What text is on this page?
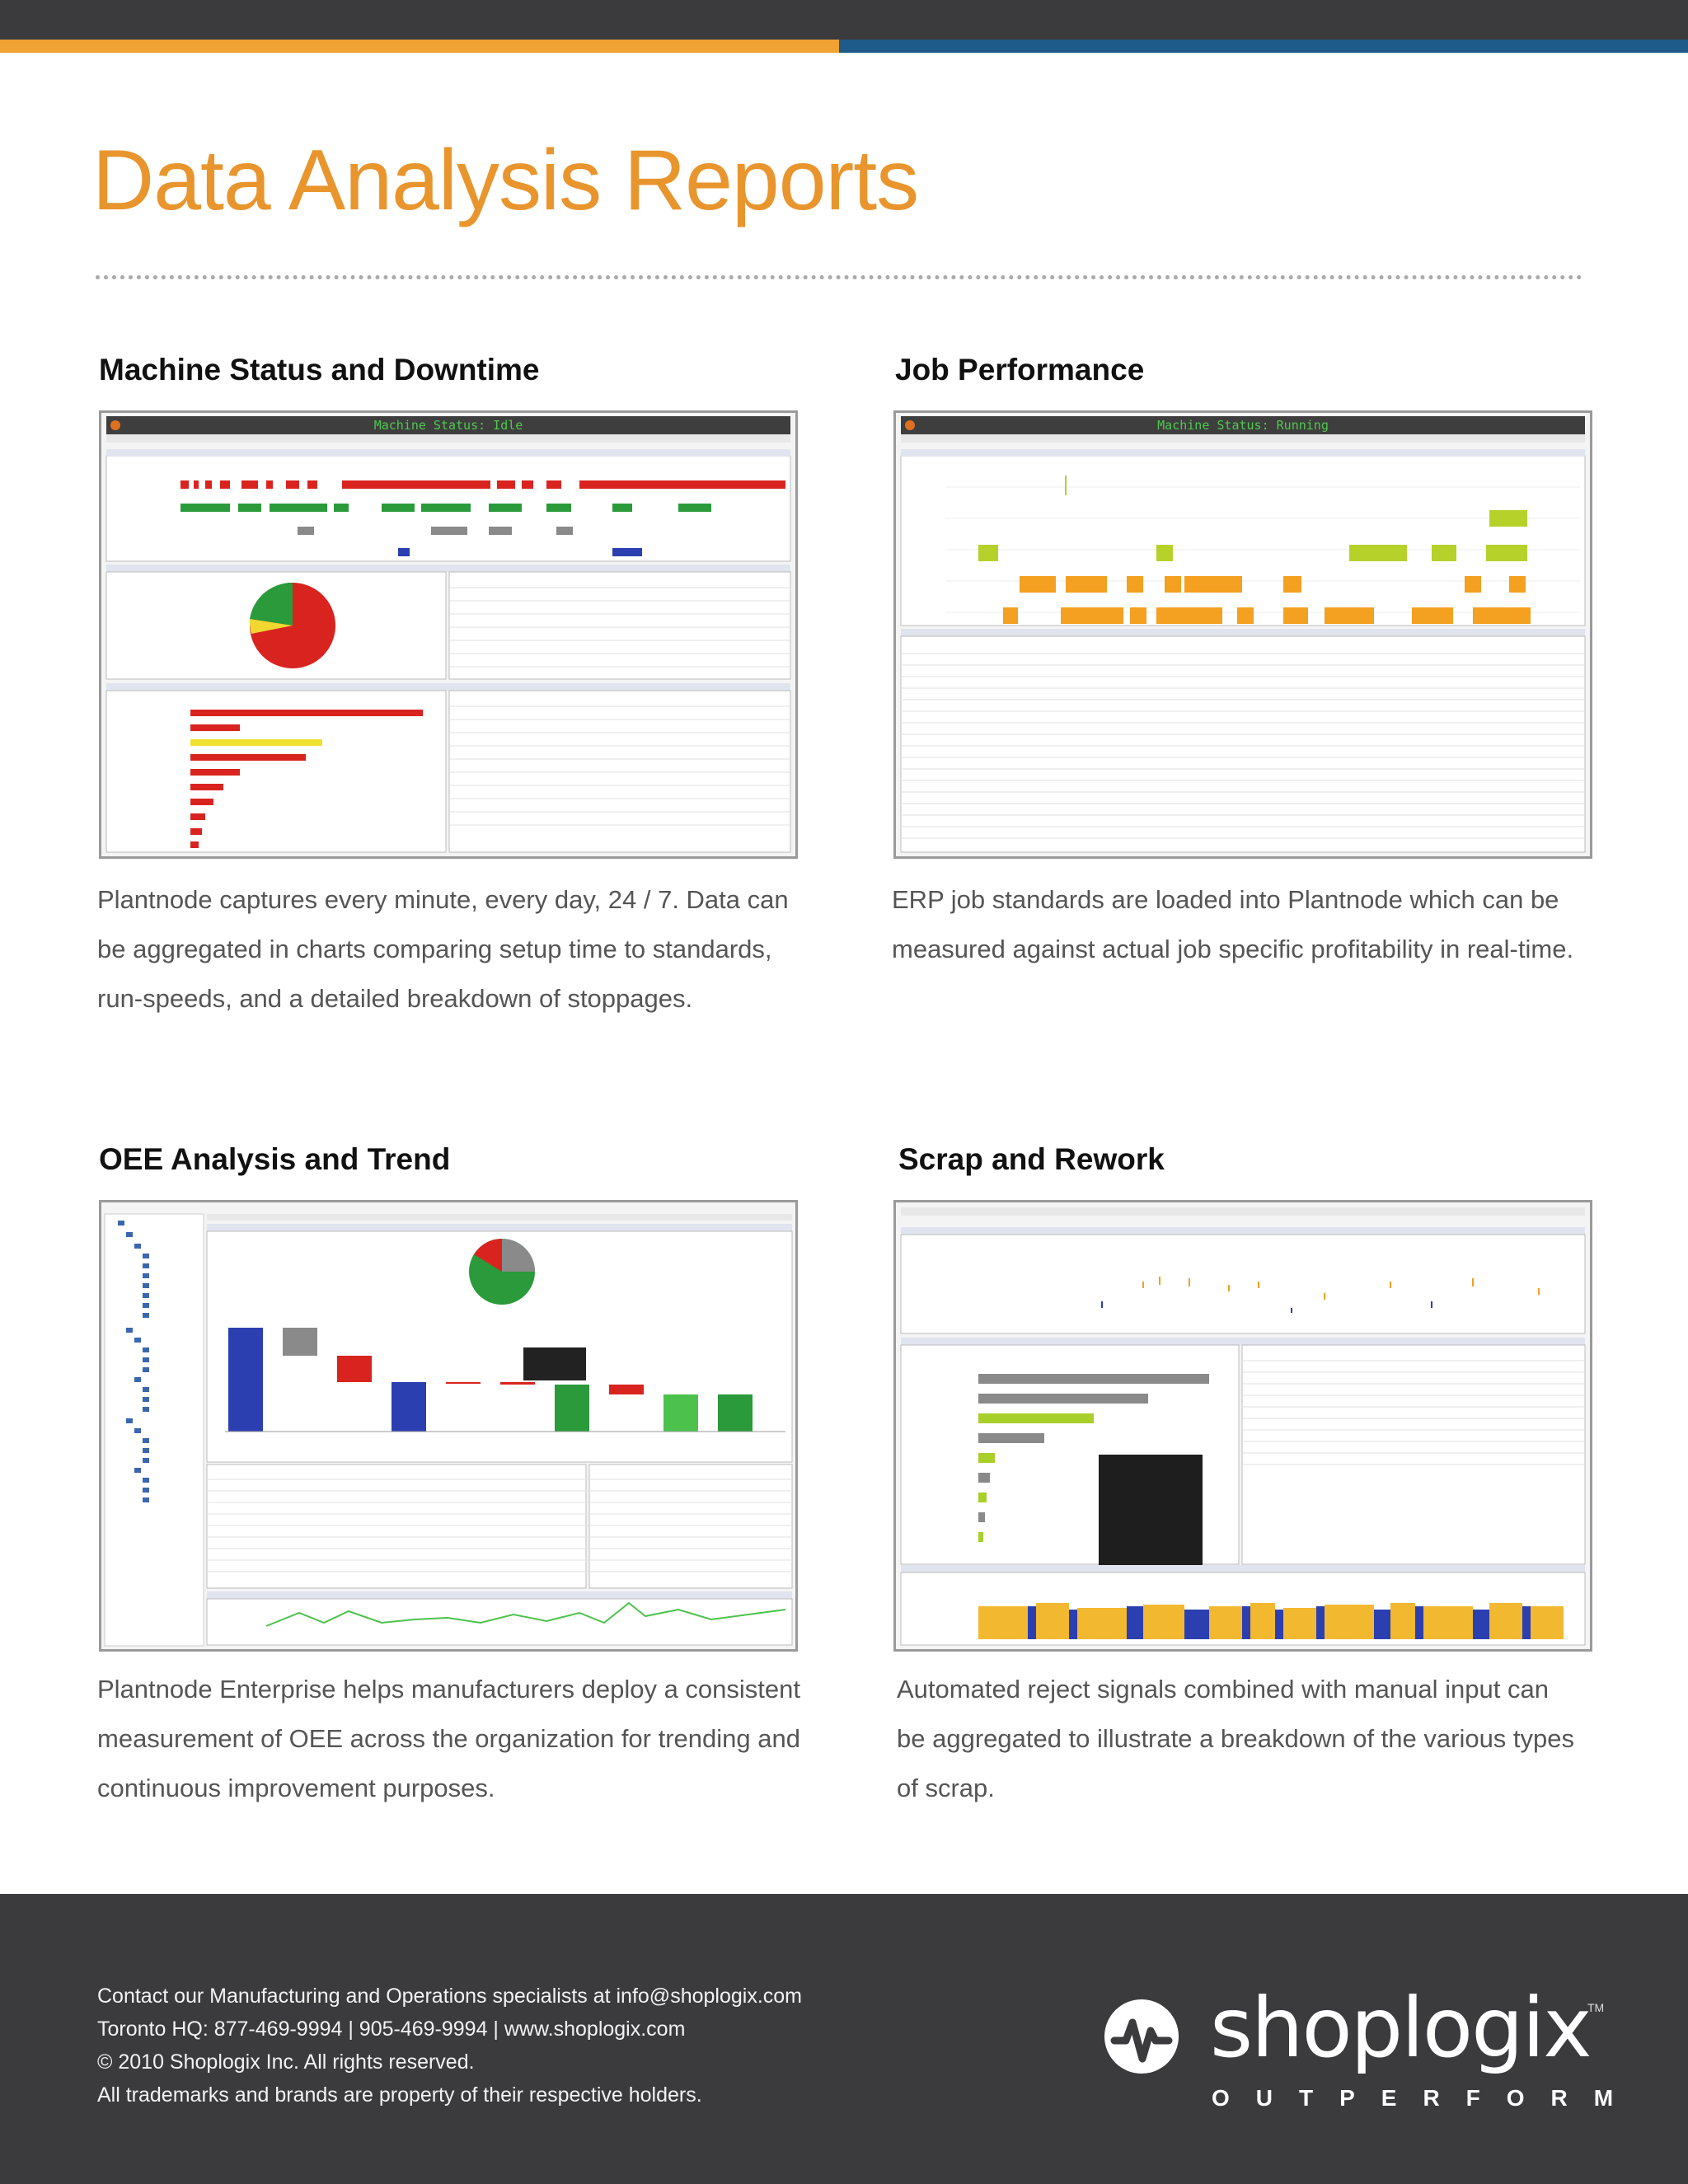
Data Analysis Reports
Machine Status and Downtime
Machine Status: Idle
Plantnode captures every minute, every day, 24 / 7. Data can
be aggregated in charts comparing setup time to standards,
run-speeds, and a detailed breakdown of stoppages.
Job Performance
Machine Status: Running
ERP job standards are loaded into Plantnode which can be
measured against actual job specific profitability in real-time.
OEE Analysis and Trend
Plantnode Enterprise helps manufacturers deploy a consistent
measurement of OEE across the organization for trending and
continuous improvement purposes.
Scrap and Rework
Automated reject signals combined with manual input can
be aggregated to illustrate a breakdown of the various types
of scrap.
Contact our Manufacturing and Operations specialists at info@shoplogix.com
Toronto HQ: 877-469-9994 | 905-469-9994 | www.shoplogix.com
© 2010 Shoplogix Inc. All rights reserved.
All trademarks and brands are property of their respective holders.
shoplogix
TM
OUTPERFORM
